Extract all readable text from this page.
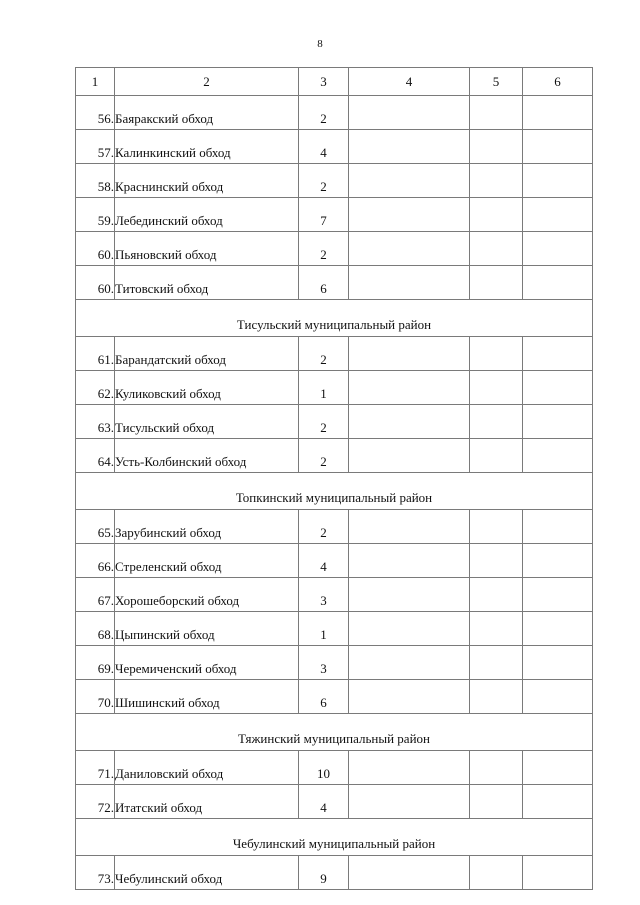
8
1	2	3	4	5	6
56.	Баяракский обход	2			
57.	Калинкинский обход	4			
58.	Краснинский обход	2			
59.	Лебединский обход	7			
60.	Пьяновский обход	2			
60.	Титовский обход	6			
Тисульский муниципальный район					
61.	Барандатский обход	2			
62.	Куликовский обход	1			
63.	Тисульский обход	2			
64.	Усть-Колбинский обход	2			
Топкинский муниципальный район					
65.	Зарубинский обход	2			
66.	Стреленский обход	4			
67.	Хорошеборский обход	3			
68.	Цыпинский обход	1			
69.	Черемиченский обход	3			
70.	Шишинский обход	6			
Тяжинский муниципальный район					
71.	Даниловский обход	10			
72.	Итатский обход	4			
Чебулинский муниципальный район					
73.	Чебулинский обход	9			
